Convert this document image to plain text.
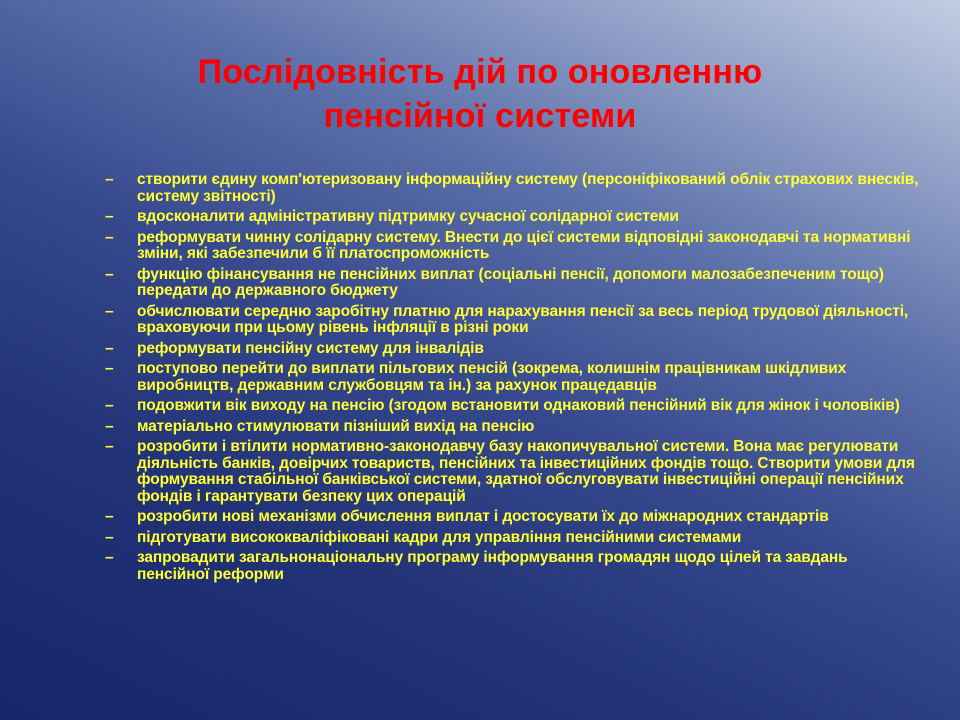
Послідовність дій по оновленню
пенсійної системи
– створити єдину комп'ютеризовану інформаційну систему (персоніфікований облік страхових внесків, систему звітності)
– вдосконалити адміністративну підтримку сучасної солідарної системи
– реформувати чинну солідарну систему. Внести до цієї системи відповідні законодавчі та нормативні зміни, які забезпечили б її платоспроможність
– функцію фінансування не пенсійних виплат (соціальні пенсії, допомоги малозабезпеченим тощо) передати до державного бюджету
– обчислювати середню заробітну платню для нарахування пенсії за весь період трудової діяльності, враховуючи при цьому рівень інфляції в різні роки
– реформувати пенсійну систему для інвалідів
– поступово перейти до виплати пільгових пенсій (зокрема, колишнім працівникам шкідливих виробництв, державним службовцям та ін.) за рахунок працедавців
– подовжити вік виходу на пенсію (згодом встановити однаковий пенсійний вік для жінок і чоловіків)
– матеріально стимулювати пізніший вихід на пенсію
– розробити і втілити нормативно-законодавчу базу накопичувальної системи. Вона має регулювати діяльність банків, довірчих товариств, пенсійних та інвестиційних фондів тощо. Створити умови для формування стабільної банківської системи, здатної обслуговувати інвестиційні операції пенсійних фондів і гарантувати безпеку цих операцій
– розробити нові механізми обчислення виплат і достосувати їх до міжнародних стандартів
– підготувати висококваліфіковані кадри для управління пенсійними системами
– запровадити загальнонаціональну програму інформування громадян щодо цілей та завдань пенсійної реформи
